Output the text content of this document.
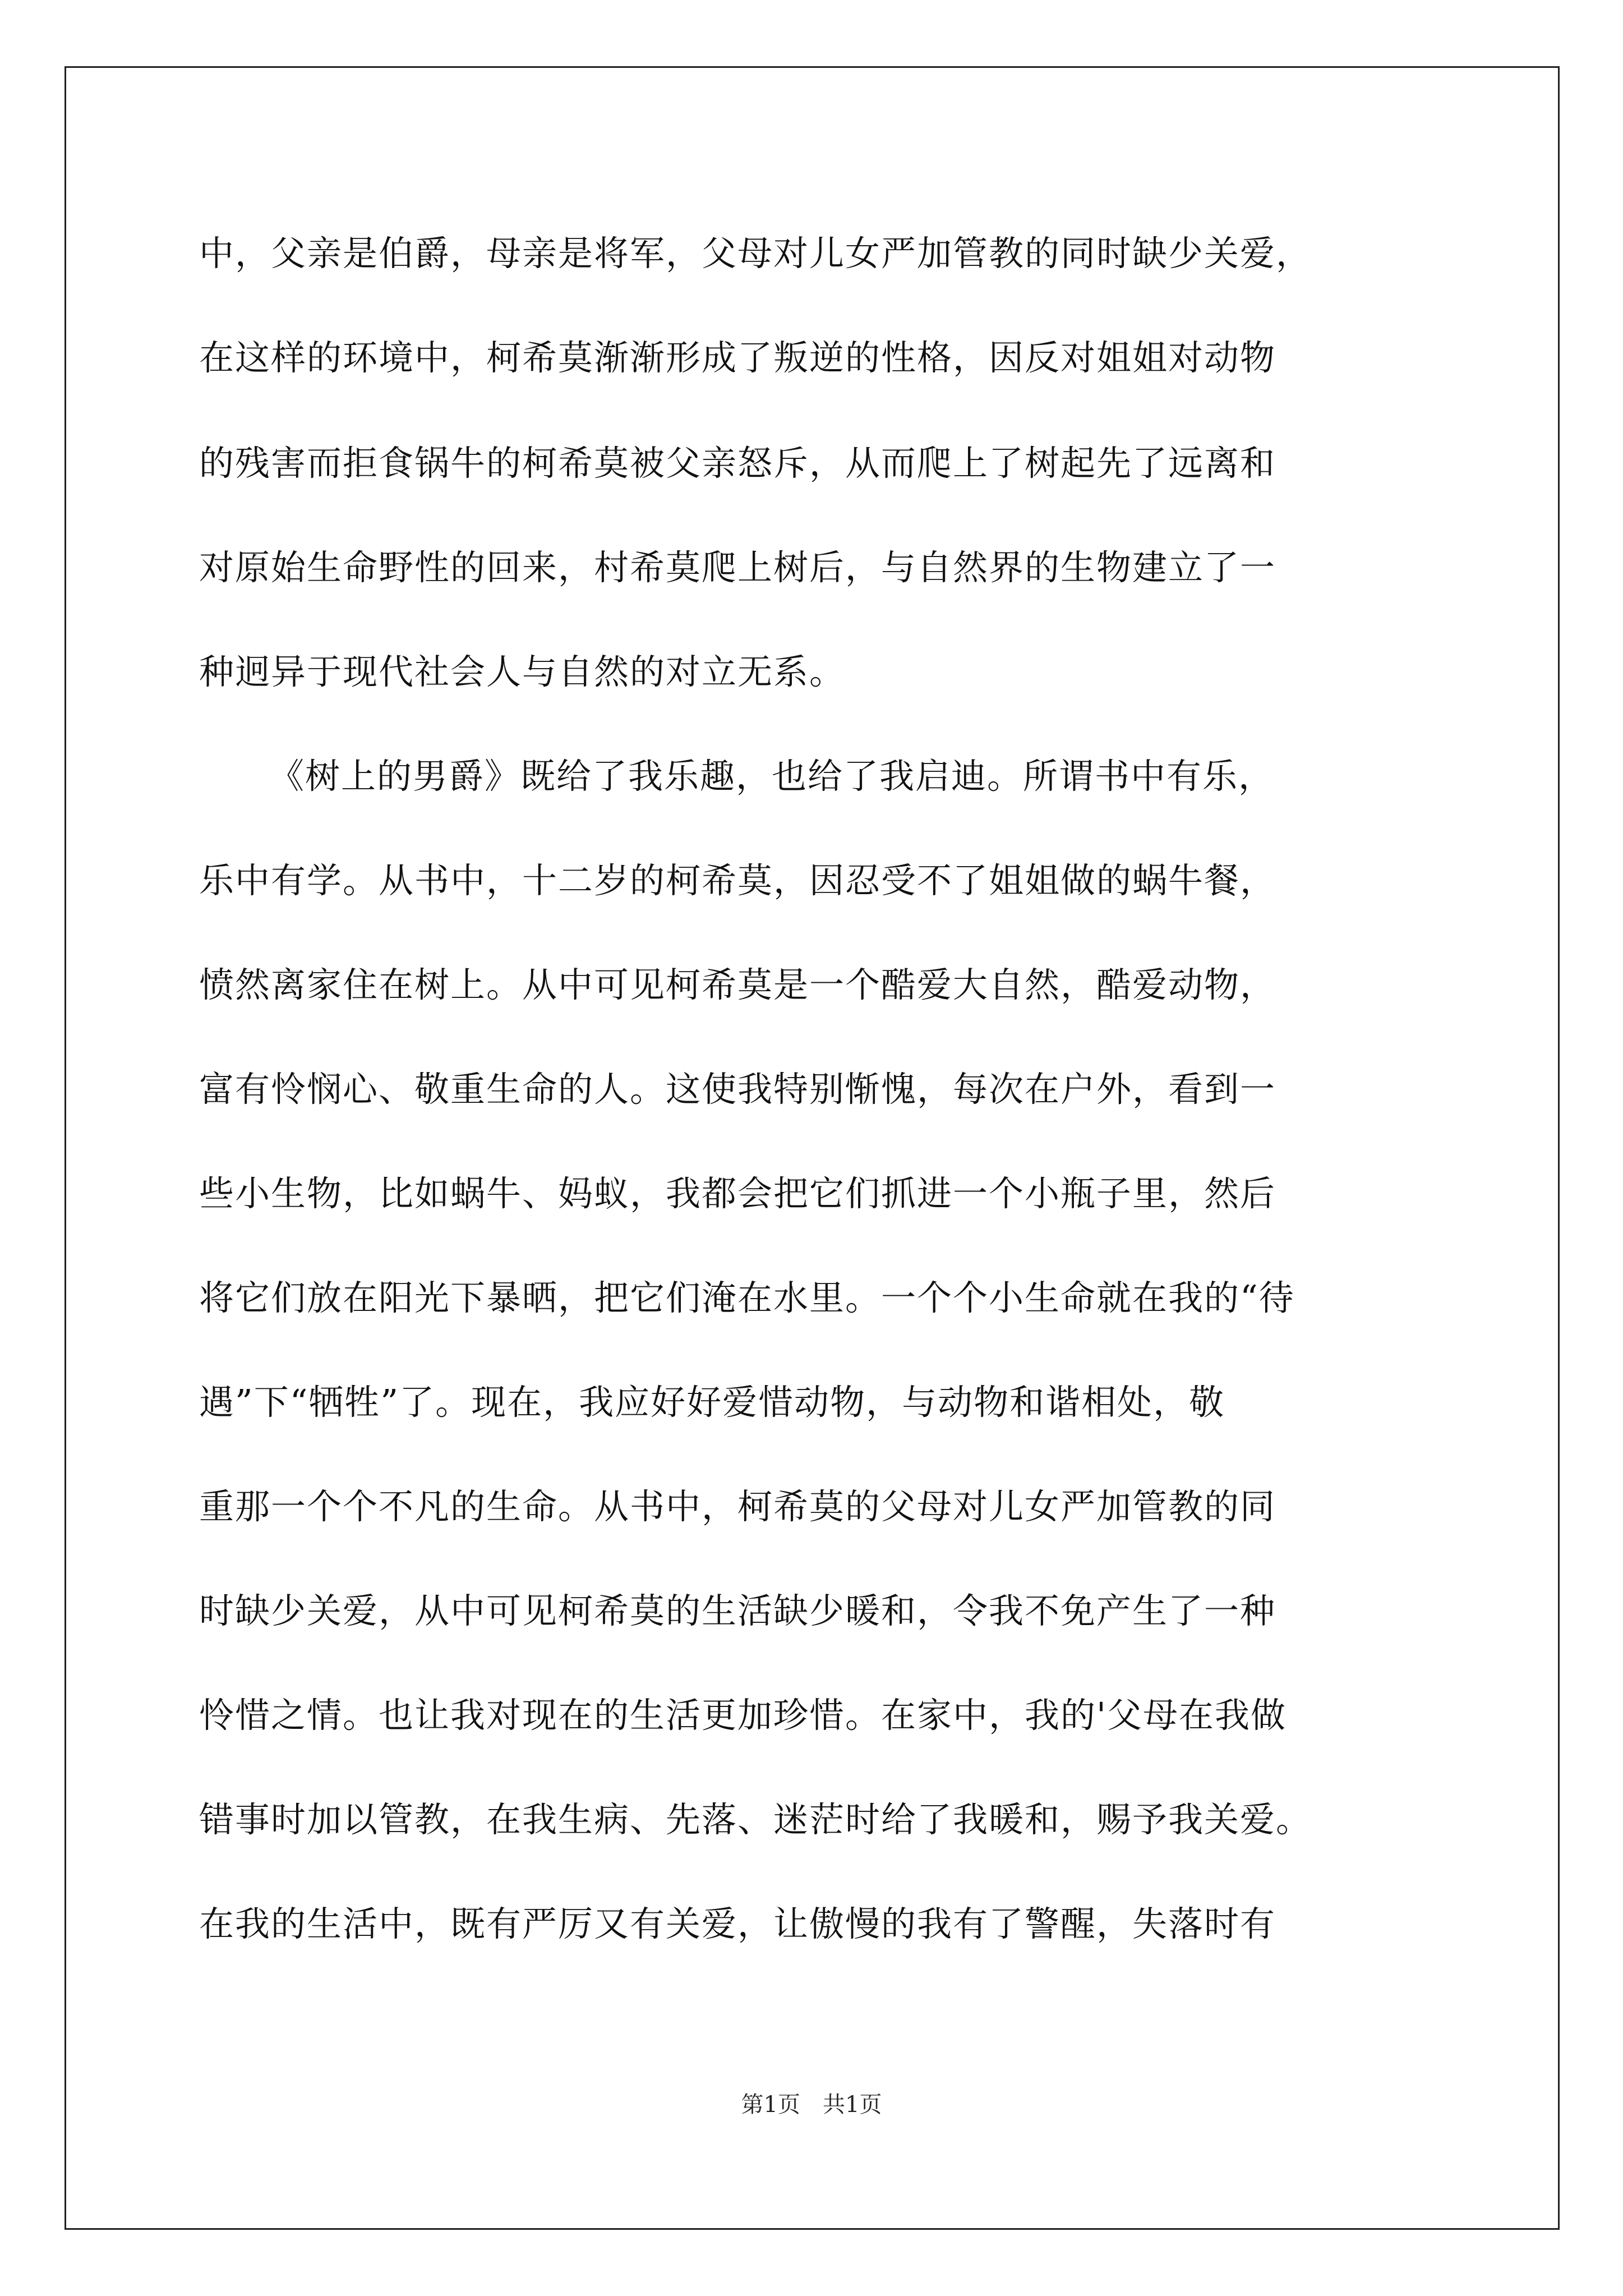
中，父亲是伯爵，母亲是将军，父母对儿女严加管教的同时缺少关爱，
在这样的环境中，柯希莫渐渐形成了叛逆的性格，因反对姐姐对动物
的残害而拒食锅牛的柯希莫被父亲怒斥，从而爬上了树起先了远离和
对原始生命野性的回来，村希莫爬上树后，与自然界的生物建立了一
种迥异于现代社会人与自然的对立无系。
《树上的男爵》既给了我乐趣，也给了我启迪。所谓书中有乐，
乐中有学。从书中，十二岁的柯希莫，因忍受不了姐姐做的蜗牛餐，
愤然离家住在树上。从中可见柯希莫是一个酷爱大自然，酷爱动物，
富有怜悯心、敬重生命的人。这使我特别惭愧，每次在户外，看到一
些小生物，比如蜗牛、妈蚁，我都会把它们抓进一个小瓶子里，然后
将它们放在阳光下暴晒，把它们淹在水里。一个个小生命就在我的“待
遇”下“牺牲”了。现在，我应好好爱惜动物，与动物和谐相处，敬
重那一个个不凡的生命。从书中，柯希莫的父母对儿女严加管教的同
时缺少关爱，从中可见柯希莫的生活缺少暖和，令我不免产生了一种
怜惜之情。也让我对现在的生活更加珍惜。在家中，我的'父母在我做
错事时加以管教，在我生病、先落、迷茫时给了我暖和，赐予我关爱。
在我的生活中，既有严厉又有关爱，让傲慢的我有了警醒，失落时有
第1页　共1页
